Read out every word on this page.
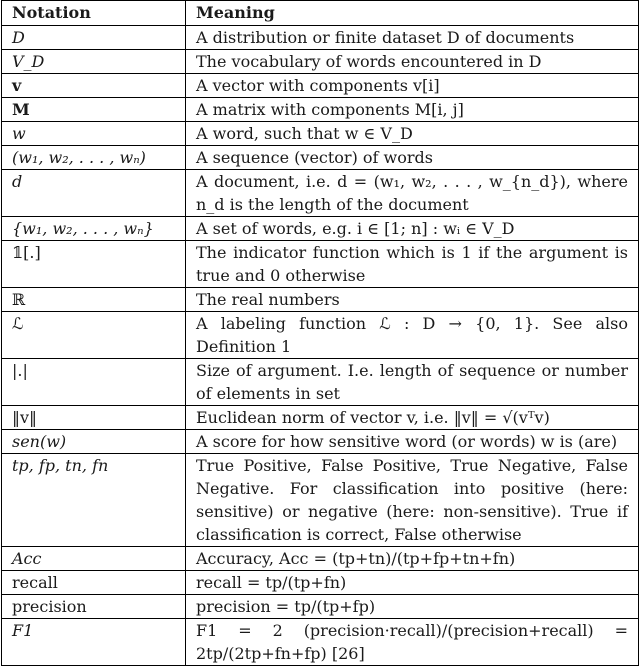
Notation	Meaning
D	A distribution or finite dataset D of documents
V_D	The vocabulary of words encountered in D
v	A vector with components v[i]
M	A matrix with components M[i, j]
w	A word, such that w ∈ V_D
(w₁, w₂, . . . , wₙ)	A sequence (vector) of words
d	A document, i.e. d = (w₁, w₂, . . . , w_{n_d}), where n_d is the length of the document
{w₁, w₂, . . . , wₙ}	A set of words, e.g. i ∈ [1; n] : wᵢ ∈ V_D
𝟙[.]	The indicator function which is 1 if the argument is true and 0 otherwise
ℝ	The real numbers
ℒ	A labeling function ℒ : D → {0, 1}. See also Definition 1
|.|	Size of argument. I.e. length of sequence or number of elements in set
‖v‖	Euclidean norm of vector v, i.e. ‖v‖ = √(vᵀv)
sen(w)	A score for how sensitive word (or words) w is (are)
tp, fp, tn, fn	True Positive, False Positive, True Negative, False Negative. For classification into positive (here: sensitive) or negative (here: non-sensitive). True if classification is correct, False otherwise
Acc	Accuracy, Acc = (tp+tn)/(tp+fp+tn+fn)
recall	recall = tp/(tp+fn)
precision	precision = tp/(tp+fp)
F1	F1 = 2 (precision·recall)/(precision+recall) = 2tp/(2tp+fn+fp) [26]
